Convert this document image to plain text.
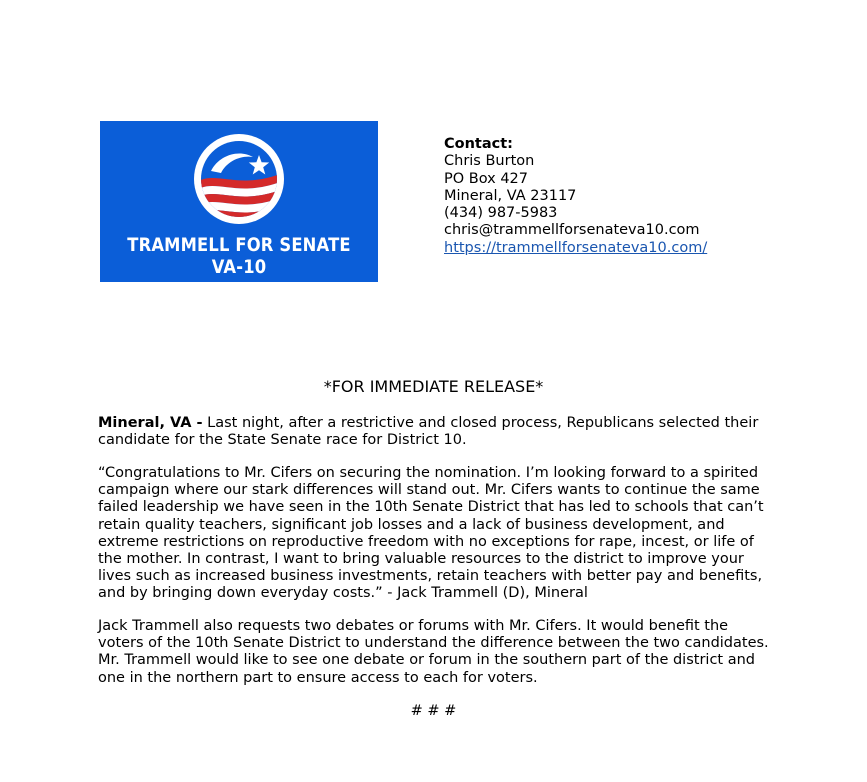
TRAMMELL FOR SENATE VA-10
Contact:
Chris Burton
PO Box 427
Mineral, VA 23117
(434) 987-5983
chris@trammellforsenateva10.com
https://trammellforsenateva10.com/
*FOR IMMEDIATE RELEASE*

Mineral, VA - Last night, after a restrictive and closed process, Republicans selected their candidate for the State Senate race for District 10.

“Congratulations to Mr. Cifers on securing the nomination. I’m looking forward to a spirited campaign where our stark differences will stand out. Mr. Cifers wants to continue the same failed leadership we have seen in the 10th Senate District that has led to schools that can’t retain quality teachers, significant job losses and a lack of business development, and extreme restrictions on reproductive freedom with no exceptions for rape, incest, or life of the mother. In contrast, I want to bring valuable resources to the district to improve your lives such as increased business investments, retain teachers with better pay and benefits, and by bringing down everyday costs.” - Jack Trammell (D), Mineral

Jack Trammell also requests two debates or forums with Mr. Cifers. It would benefit the voters of the 10th Senate District to understand the difference between the two candidates. Mr. Trammell would like to see one debate or forum in the southern part of the district and one in the northern part to ensure access to each for voters.

# # #
